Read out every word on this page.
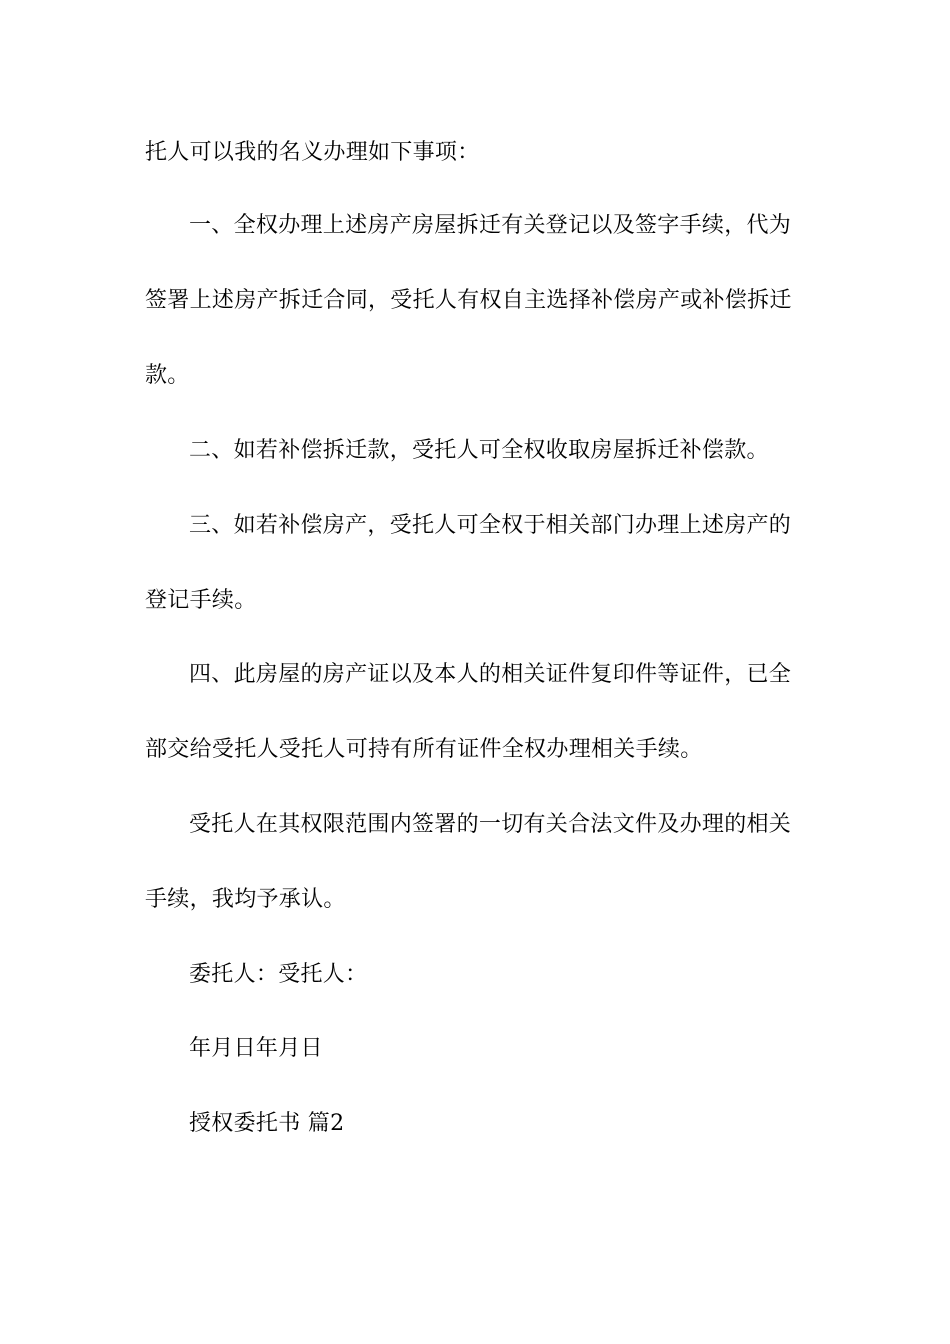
托人可以我的名义办理如下事项：
一、全权办理上述房产房屋拆迁有关登记以及签字手续，代为
签署上述房产拆迁合同，受托人有权自主选择补偿房产或补偿拆迁
款。
二、如若补偿拆迁款，受托人可全权收取房屋拆迁补偿款。
三、如若补偿房产，受托人可全权于相关部门办理上述房产的
登记手续。
四、此房屋的房产证以及本人的相关证件复印件等证件，已全
部交给受托人受托人可持有所有证件全权办理相关手续。
受托人在其权限范围内签署的一切有关合法文件及办理的相关
手续，我均予承认。
委托人：受托人：
年月日年月日
授权委托书 篇2
